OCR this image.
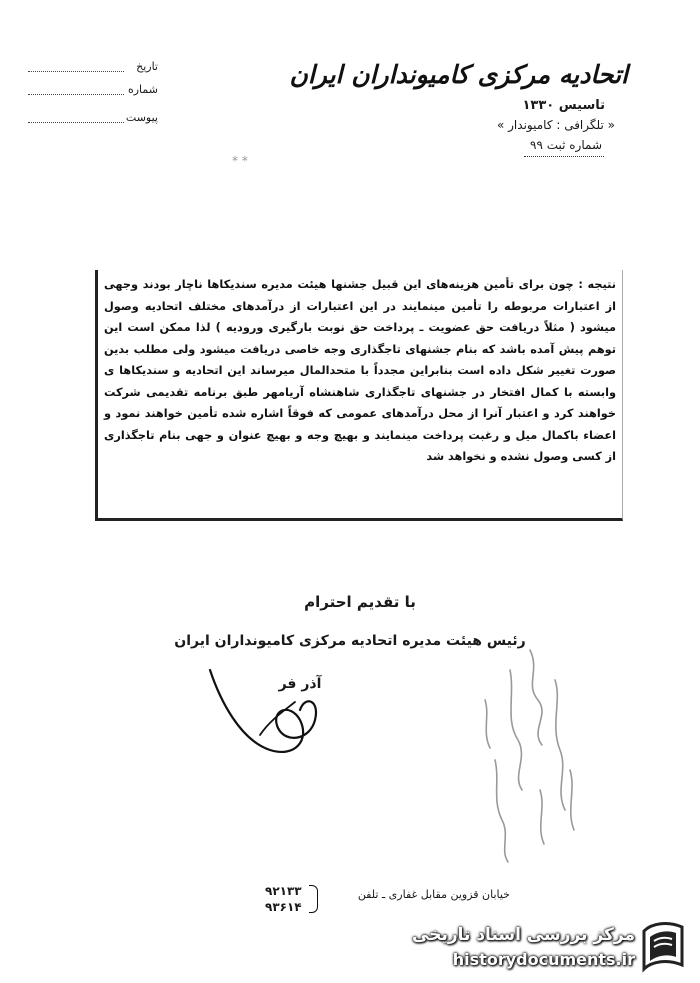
تاریخ
شماره
پیوست
اتحادیه مرکزی کامیونداران ایران
تاسیس ۱۳۳۰
« تلگرافی : کامیوندار »
شماره ثبت ۹۹
⁎ ⁎
نتیجه : چون برای تأمین هزینه‌های این قبیل جشنها هیئت مدیره سندیکاها ناچار بودند وجهی از اعتبارات مربوطه را تأمین مینمایند در این اعتبارات از درآمدهای مختلف اتحادیه وصول میشود ( مثلاً دریافت حق عضویت ـ پرداخت حق نوبت بارگیری ورودیه ) لذا ممکن است این توهم پیش آمده باشد که بنام جشنهای تاجگذاری وجه خاصی دریافت میشود ولی مطلب بدین صورت تغییر شکل داده است بنابراین مجدداً با متحدالمال میرساند این اتحادیه و سندیکاها ی وابسته با کمال افتخار در جشنهای تاجگذاری شاهنشاه آریامهر طبق برنامه تقدیمی شرکت خواهند کرد و اعتبار آنرا از محل درآمدهای عمومی که فوقاً اشاره شده تأمین خواهند نمود و اعضاء باکمال میل و رغبت پرداخت مینمایند و بهیچ وجه و بهیچ عنوان و جهی بنام تاجگذاری از کسی وصول نشده و نخواهد شد
با تقدیم احترام
رئیس هیئت مدیره اتحادیه مرکزی کامیونداران ایران
آذر فر
خیابان قزوین مقابل غفاری ـ تلفن
۹۲۱۳۳
۹۳۶۱۴
مرکز بررسی اسناد تاریخی
historydocuments.ir
